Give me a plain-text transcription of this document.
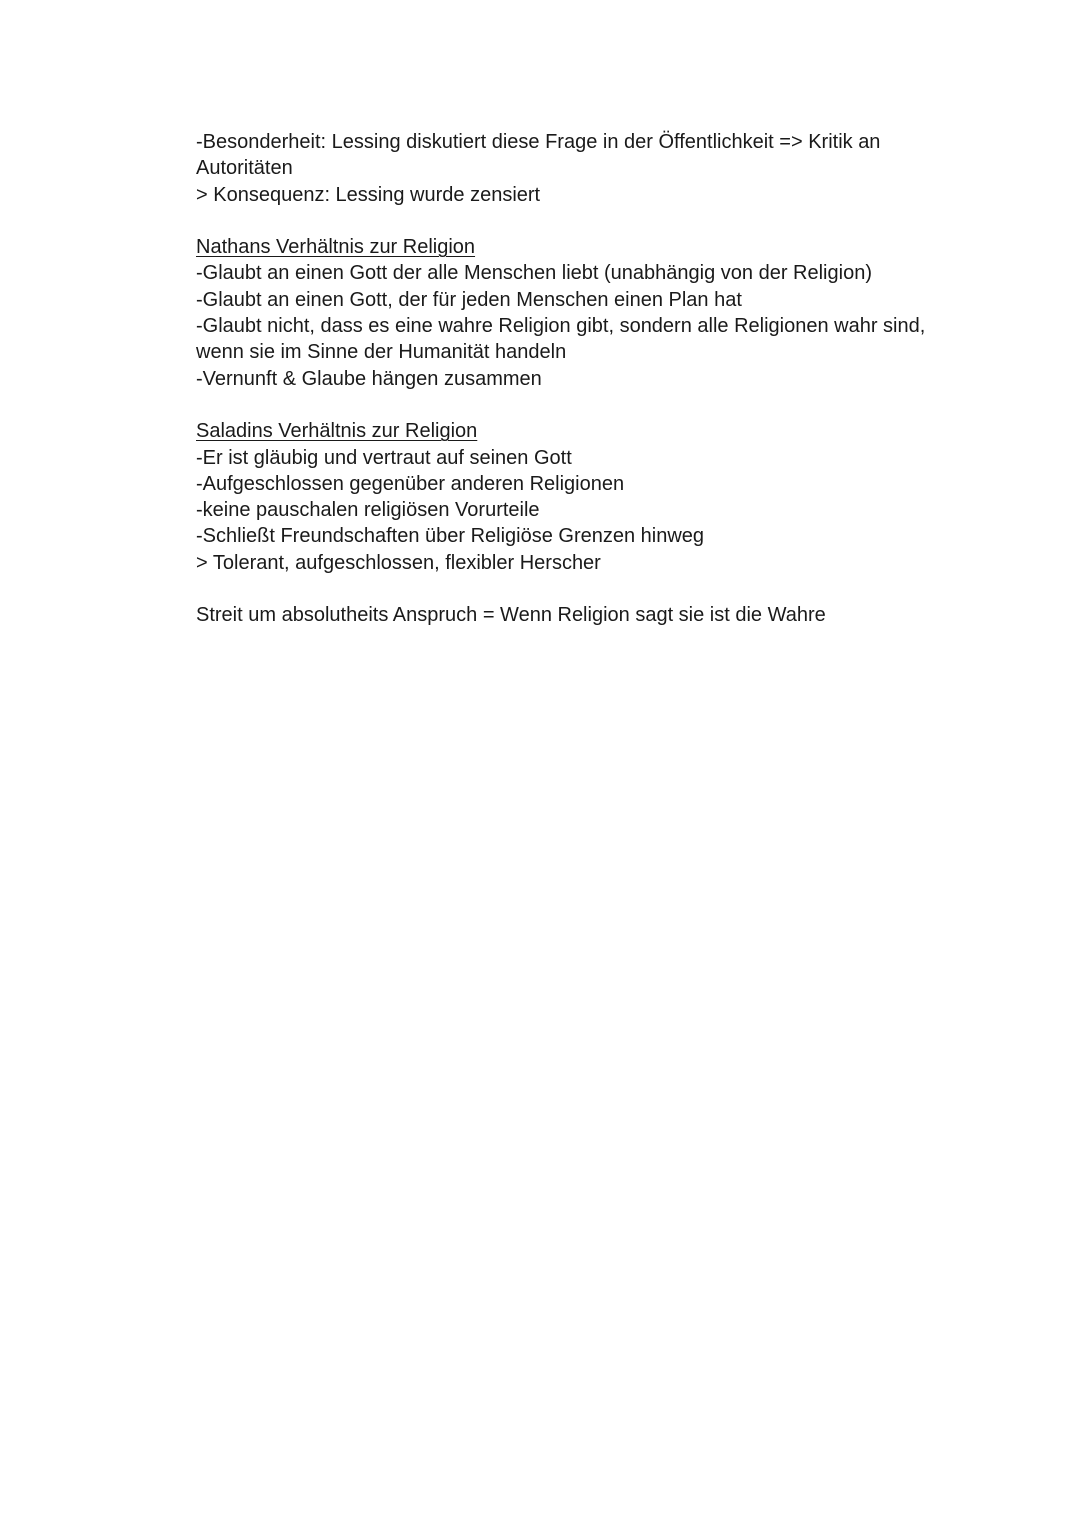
-Besonderheit: Lessing diskutiert diese Frage in der Öffentlichkeit => Kritik an Autoritäten
> Konsequenz: Lessing wurde zensiert
Nathans Verhältnis zur Religion
-Glaubt an einen Gott der alle Menschen liebt (unabhängig von der Religion)
-Glaubt an einen Gott, der für jeden Menschen einen Plan hat
-Glaubt nicht, dass es eine wahre Religion gibt, sondern alle Religionen wahr sind, wenn sie im Sinne der Humanität handeln
-Vernunft & Glaube hängen zusammen
Saladins Verhältnis zur Religion
-Er ist gläubig und vertraut auf seinen Gott
-Aufgeschlossen gegenüber anderen Religionen
-keine pauschalen religiösen Vorurteile
-Schließt Freundschaften über Religiöse Grenzen hinweg
> Tolerant, aufgeschlossen, flexibler Herscher
Streit um absolutheits Anspruch = Wenn Religion sagt sie ist die Wahre
